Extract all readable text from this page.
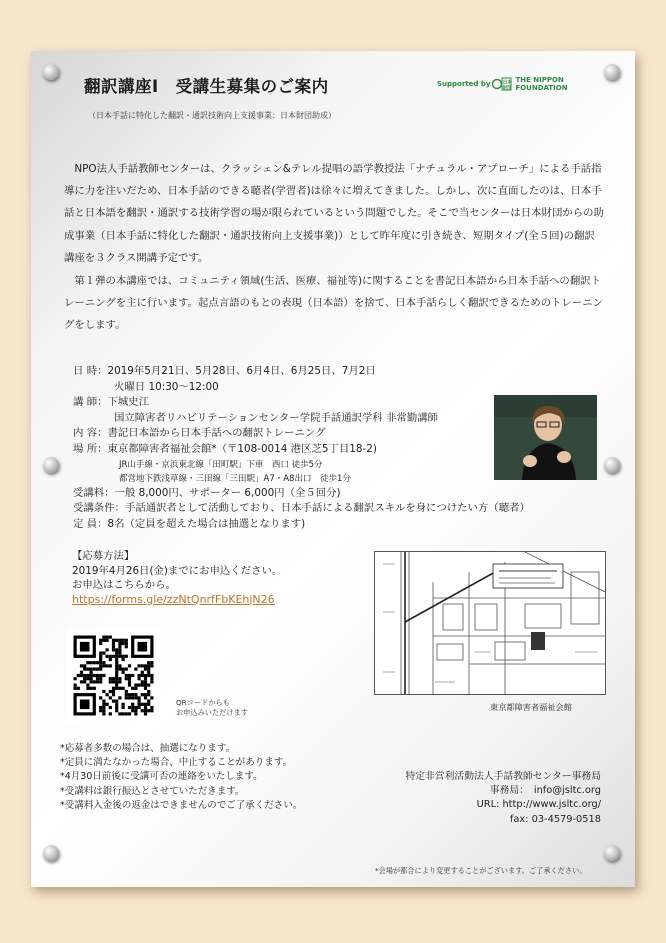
翻訳講座Ⅰ　受講生募集のご案内	Supported by	日本
財団
THE NIPPON
FOUNDATION
（日本手話に特化した翻訳・通訳技術向上支援事業：日本財団助成）

NPO法人手話教師センターは、クラッシェン&テレル提唱の語学教授法「ナチュラル・アプローチ」による手話指導に力を注いだため、日本手話のできる聴者(学習者)は徐々に増えてきました。しかし、次に直面したのは、日本手話と日本語を翻訳・通訳する技術学習の場が限られているという問題でした。そこで当センターは日本財団からの助成事業（日本手話に特化した翻訳・通訳技術向上支援事業)）として昨年度に引き続き、短期タイプ(全５回)の翻訳講座を３クラス開講予定です。

第１弾の本講座では、コミュニティ領域(生活、医療、福祉等)に関することを書記日本語から日本手話への翻訳トレーニングを主に行います。起点言語のもとの表現（日本語）を捨て、日本手話らしく翻訳できるためのトレーニングをします。

日 時：2019年5月21日、5月28日、6月4日、6月25日、7月2日
火曜日 10:30～12:00
講 師：下城史江
国立障害者リハビリテーションセンター学院手話通訳学科 非常勤講師
内 容：書記日本語から日本手話への翻訳トレーニング
場 所：東京都障害者福祉会館*（〒108-0014 港区芝5丁目18-2)
JR山手線・京浜東北線「田町駅」下車　西口 徒歩5分
都営地下鉄浅草線・三田線「三田駅」A7・A8出口　徒歩1分
受講料：一般 8,000円、サポーター 6,000円（全５回分)
受講条件：手話通訳者として活動しており、日本手話による翻訳スキルを身につけたい方（聴者）
定 員：8名（定員を超えた場合は抽選となります)
【応募方法】
2019年4月26日(金)までにお申込ください。
お申込はこちらから。
https://forms.gle/zzNtQnrfFbKEhjN26
QRコードからも
お申込みいただけます
東京都障害者福祉会館
*応募者多数の場合は、抽選になります。
*定員に満たなかった場合、中止することがあります。
*4月30日前後に受講可否の連絡をいたします。
*受講料は銀行振込とさせていただきます。
*受講料入金後の返金はできませんのでご了承ください。
特定非営利活動法人手話教師センター事務局
事務局：　info@jsltc.org
URL: http://www.jsltc.org/
fax: 03-4579-0518
*会場が都合により変更することがございます。ご了承ください。
